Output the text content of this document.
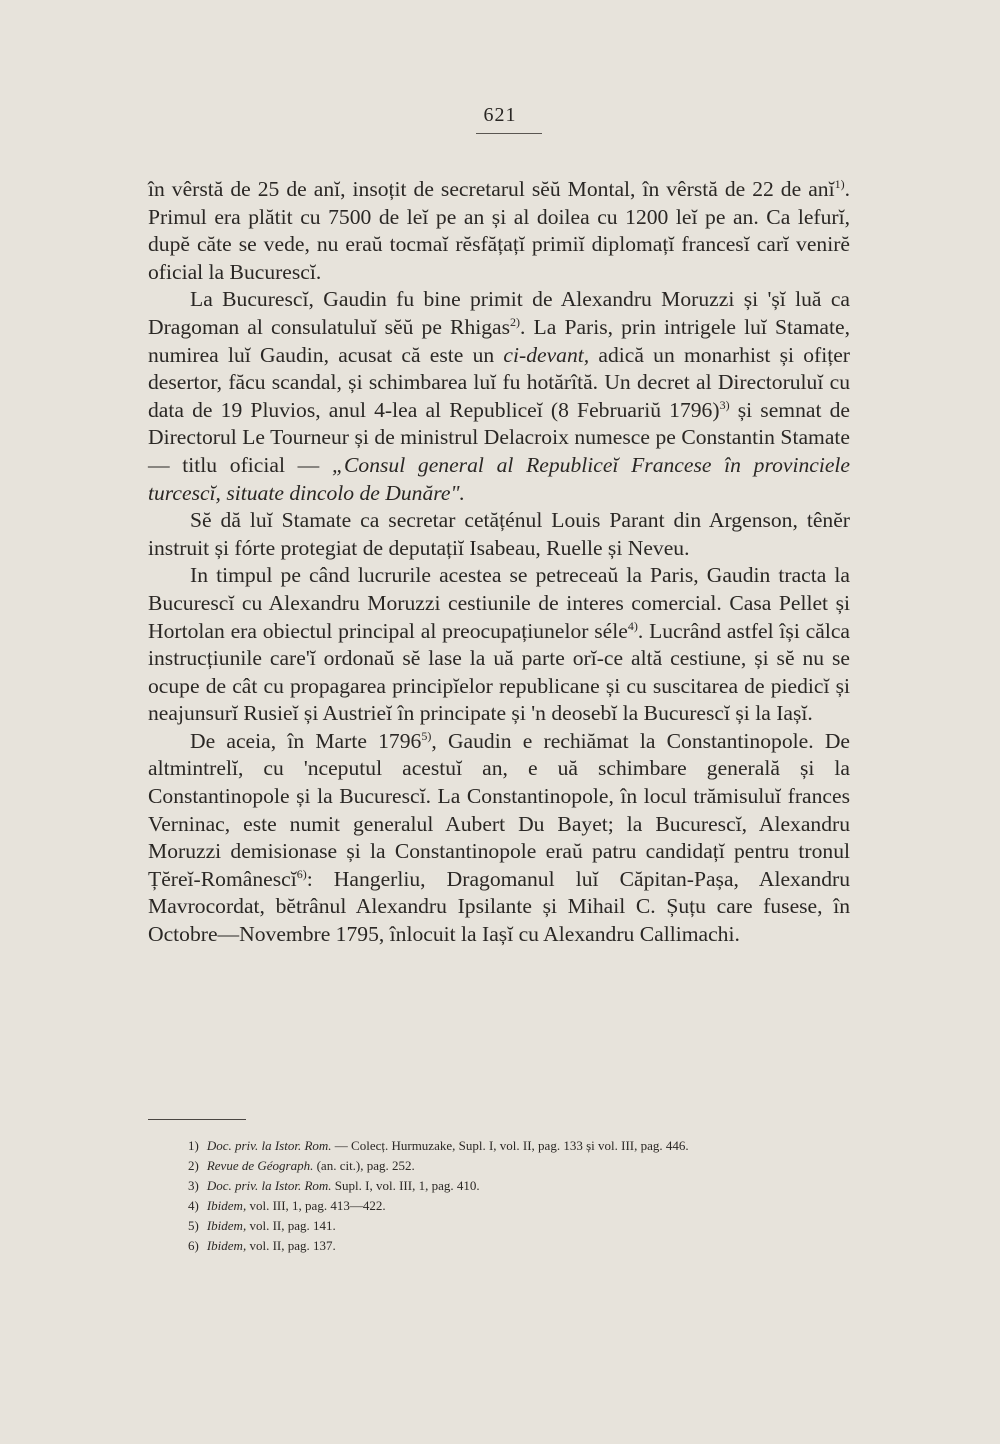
621

în vêrstă de 25 de anĭ, insoțit de secretarul sĕŭ Montal, în vêrstă de 22 de anĭ$^{1)}$. Primul era plătit cu 7500 de leĭ pe an și al doilea cu 1200 leĭ pe an. Ca lefurĭ, dupĕ căte se vede, nu eraŭ tocmaĭ rĕsfățațĭ primiĭ diplomațĭ francesĭ carĭ venirĕ oficial la Bucurescĭ.

La Bucurescĭ, Gaudin fu bine primit de Alexandru Moruzzi și 'șĭ luă ca Dragoman al consulatuluĭ sĕŭ pe Rhigas$^{2)}$. La Paris, prin intrigele luĭ Stamate, numirea luĭ Gaudin, acusat că este un ci-devant, adică un monarhist și ofițer desertor, făcu scandal, și schimbarea luĭ fu hotărîtă. Un decret al Directoruluĭ cu data de 19 Pluvios, anul 4-lea al Republiceĭ (8 Februariŭ 1796)$^{3)}$ și semnat de Directorul Le Tourneur și de ministrul Delacroix numesce pe Constantin Stamate — titlu oficial — „Consul general al Republiceĭ Francese în provinciele turcescĭ, situate dincolo de Dunăre".

Sĕ dă luĭ Stamate ca secretar cetățénul Louis Parant din Argenson, tênĕr instruit și fórte protegiat de deputațiĭ Isabeau, Ruelle și Neveu.

In timpul pe când lucrurile acestea se petreceaŭ la Paris, Gaudin tracta la Bucurescĭ cu Alexandru Moruzzi cestiunile de interes comercial. Casa Pellet și Hortolan era obiectul principal al preocupațiunelor séle$^{4)}$. Lucrând astfel își călca instrucțiunile care'ĭ ordonaŭ sĕ lase la uă parte orĭ-ce altă cestiune, și sĕ nu se ocupe de cât cu propagarea principĭelor republicane și cu suscitarea de piedicĭ și neajunsurĭ Rusieĭ și Austrieĭ în principate și 'n deosebĭ la Bucurescĭ și la Iașĭ.

De aceia, în Marte 1796$^{5)}$, Gaudin e rechiămat la Constantinopole. De altmintrelĭ, cu 'nceputul acestuĭ an, e uă schimbare generală și la Constantinopole și la Bucurescĭ. La Constantinopole, în locul trămisuluĭ frances Verninac, este numit generalul Aubert Du Bayet; la Bucurescĭ, Alexandru Moruzzi demisionase și la Constantinopole eraŭ patru candidațĭ pentru tronul Țĕreĭ-Românescĭ$^{6)}$: Hangerliu, Dragomanul luĭ Căpitan-Pașa, Alexandru Mavrocordat, bĕtrânul Alexandru Ipsilante și Mihail C. Șuțu care fusese, în Octobre—Novembre 1795, înlocuit la Iașĭ cu Alexandru Callimachi.

1) Doc. priv. la Istor. Rom. — Colecț. Hurmuzake, Supl. I, vol. II, pag. 133 și vol. III, pag. 446.

2) Revue de Géograph. (an. cit.), pag. 252.

3) Doc. priv. la Istor. Rom. Supl. I, vol. III, 1, pag. 410.

4) Ibidem, vol. III, 1, pag. 413—422.

5) Ibidem, vol. II, pag. 141.

6) Ibidem, vol. II, pag. 137.
